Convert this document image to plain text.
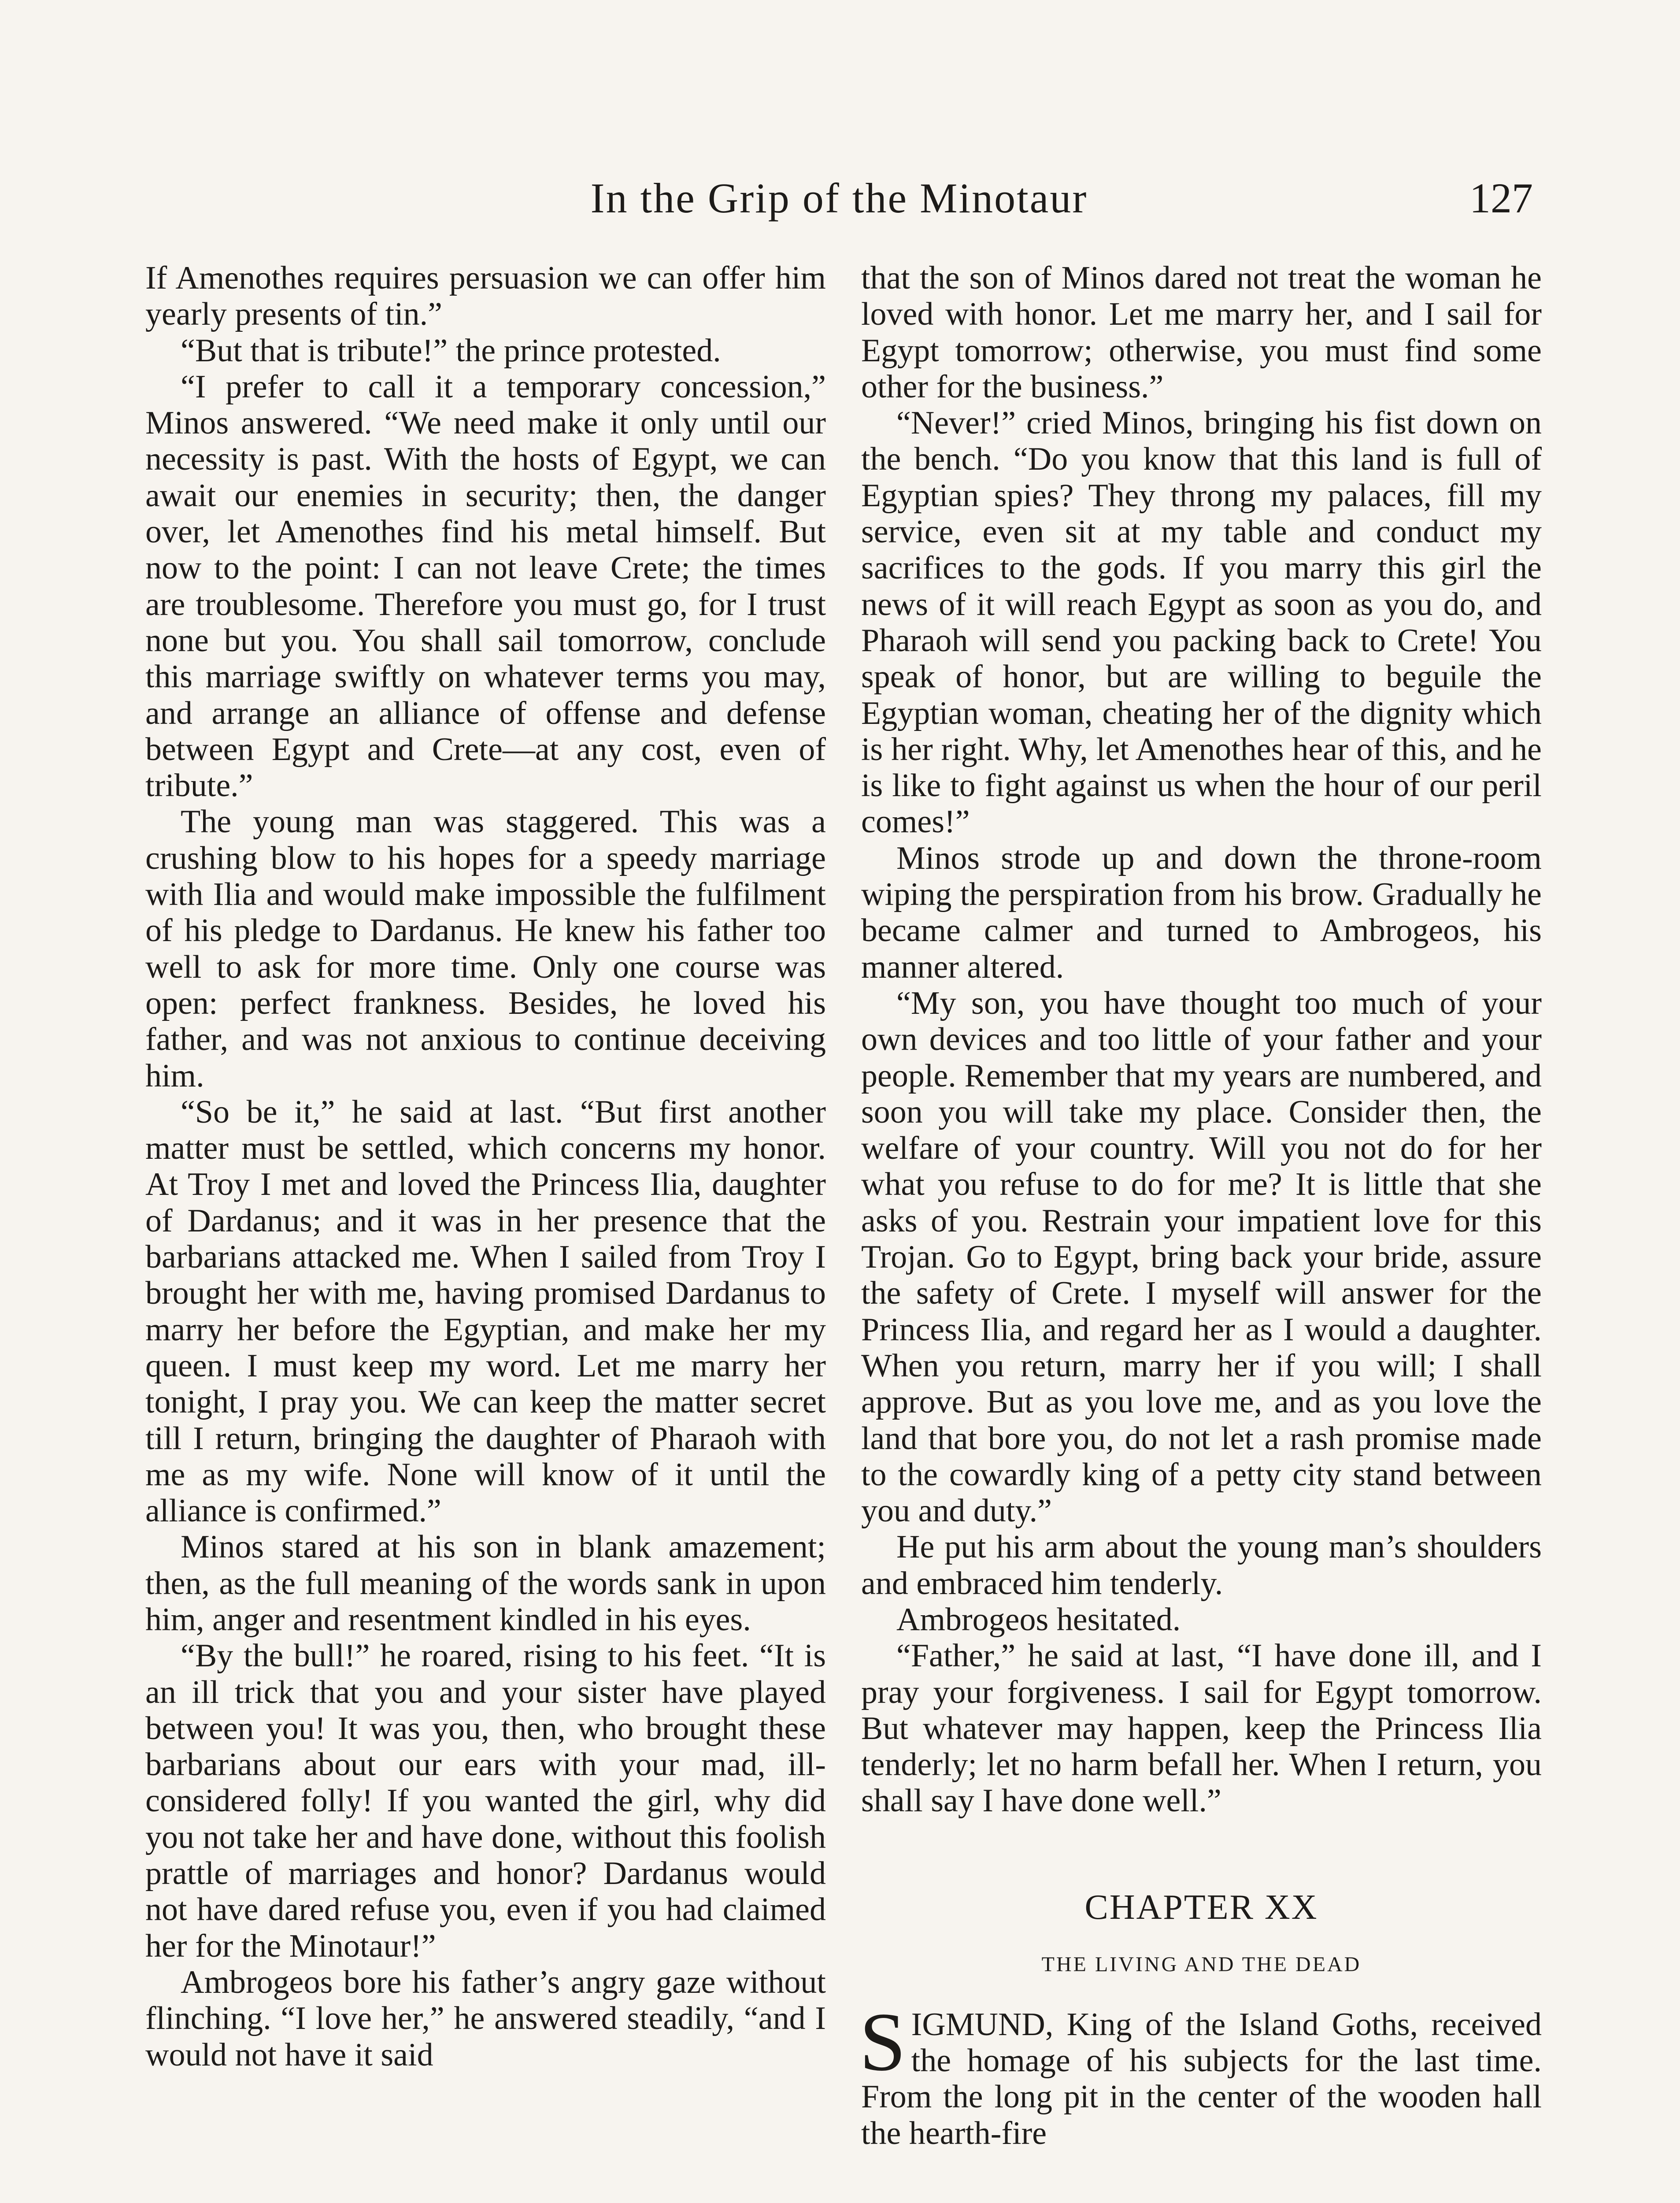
In the Grip of the Minotaur	127

If Amenothes requires persuasion we can offer him yearly presents of tin.”

“But that is tribute!” the prince protested.

“I prefer to call it a temporary concession,” Minos answered. “We need make it only until our necessity is past. With the hosts of Egypt, we can await our enemies in security; then, the danger over, let Amenothes find his metal himself. But now to the point: I can not leave Crete; the times are troublesome. Therefore you must go, for I trust none but you. You shall sail tomorrow, conclude this marriage swiftly on whatever terms you may, and arrange an alliance of offense and defense between Egypt and Crete—at any cost, even of tribute.”

The young man was staggered. This was a crushing blow to his hopes for a speedy marriage with Ilia and would make impossible the fulfilment of his pledge to Dardanus. He knew his father too well to ask for more time. Only one course was open: perfect frankness. Besides, he loved his father, and was not anxious to continue deceiving him.

“So be it,” he said at last. “But first another matter must be settled, which concerns my honor. At Troy I met and loved the Princess Ilia, daughter of Dardanus; and it was in her presence that the barbarians attacked me. When I sailed from Troy I brought her with me, having promised Dardanus to marry her before the Egyptian, and make her my queen. I must keep my word. Let me marry her tonight, I pray you. We can keep the matter secret till I return, bringing the daughter of Pharaoh with me as my wife. None will know of it until the alliance is confirmed.”

Minos stared at his son in blank amazement; then, as the full meaning of the words sank in upon him, anger and resentment kindled in his eyes.

“By the bull!” he roared, rising to his feet. “It is an ill trick that you and your sister have played between you! It was you, then, who brought these barbarians about our ears with your mad, ill-considered folly! If you wanted the girl, why did you not take her and have done, without this foolish prattle of marriages and honor? Dardanus would not have dared refuse you, even if you had claimed her for the Minotaur!”

Ambrogeos bore his father’s angry gaze without flinching. “I love her,” he answered steadily, “and I would not have it said

that the son of Minos dared not treat the woman he loved with honor. Let me marry her, and I sail for Egypt tomorrow; otherwise, you must find some other for the business.”

“Never!” cried Minos, bringing his fist down on the bench. “Do you know that this land is full of Egyptian spies? They throng my palaces, fill my service, even sit at my table and conduct my sacrifices to the gods. If you marry this girl the news of it will reach Egypt as soon as you do, and Pharaoh will send you packing back to Crete! You speak of honor, but are willing to beguile the Egyptian woman, cheating her of the dignity which is her right. Why, let Amenothes hear of this, and he is like to fight against us when the hour of our peril comes!”

Minos strode up and down the throne-room wiping the perspiration from his brow. Gradually he became calmer and turned to Ambrogeos, his manner altered.

“My son, you have thought too much of your own devices and too little of your father and your people. Remember that my years are numbered, and soon you will take my place. Consider then, the welfare of your country. Will you not do for her what you refuse to do for me? It is little that she asks of you. Restrain your impatient love for this Trojan. Go to Egypt, bring back your bride, assure the safety of Crete. I myself will answer for the Princess Ilia, and regard her as I would a daughter. When you return, marry her if you will; I shall approve. But as you love me, and as you love the land that bore you, do not let a rash promise made to the cowardly king of a petty city stand between you and duty.”

He put his arm about the young man’s shoulders and embraced him tenderly.

Ambrogeos hesitated.

“Father,” he said at last, “I have done ill, and I pray your forgiveness. I sail for Egypt tomorrow. But whatever may happen, keep the Princess Ilia tenderly; let no harm befall her. When I return, you shall say I have done well.”

CHAPTER XX
THE LIVING AND THE DEAD

SIGMUND, King of the Island Goths, received the homage of his subjects for the last time. From the long pit in the center of the wooden hall the hearth-fire
